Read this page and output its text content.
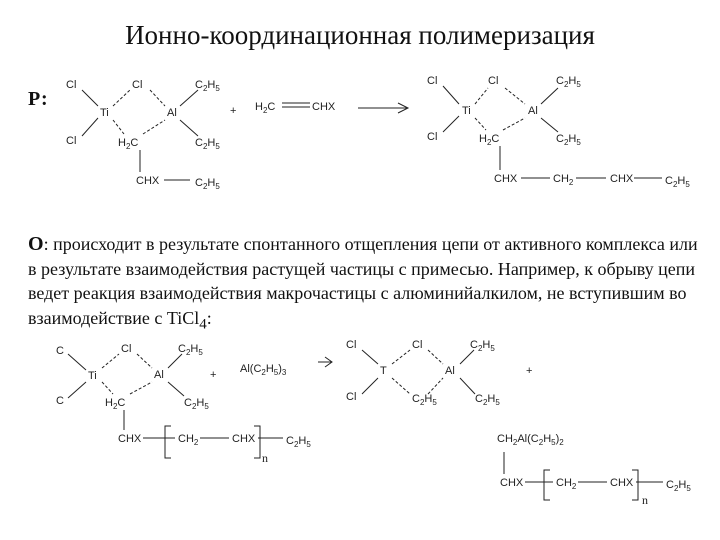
Ионно-координационная полимеризация
Р:
О: происходит в результате спонтанного отщепления цепи от активного комплекса или в результате взаимодействия растущей частицы с примесью. Например, к обрыву цепи ведет реакция взаимодействия макрочастицы с алюминийалкилом, не вступившим во взаимодействие с TiCl$_4$:
Cl	Cl	$C_2H_5$
Ti	Al
Cl	$H_2C$	$C_2H_5$
CHX	$C_2H_5$
+ $H_2C$	CHX
Cl	Cl	$C_2H_5$
Ti	Al
Cl	$H_2C$	$C_2H_5$
CHX	$CH_2$	CHX	$C_2H_5$
C	Cl	$C_2H_5$
Ti	Al
C	$H_2C$	$C_2H_5$
CHX	$CH_2$	CHX	$C_2H_5$
n
+ $Al(C_2H_5)_3$
Cl	Cl	$C_2H_5$
T	Al
Cl	$C_2H_5$	$C_2H_5$
+
$CH_2Al(C_2H_5)_2$
CHX	$CH_2$	CHX	$C_2H_5$
n
